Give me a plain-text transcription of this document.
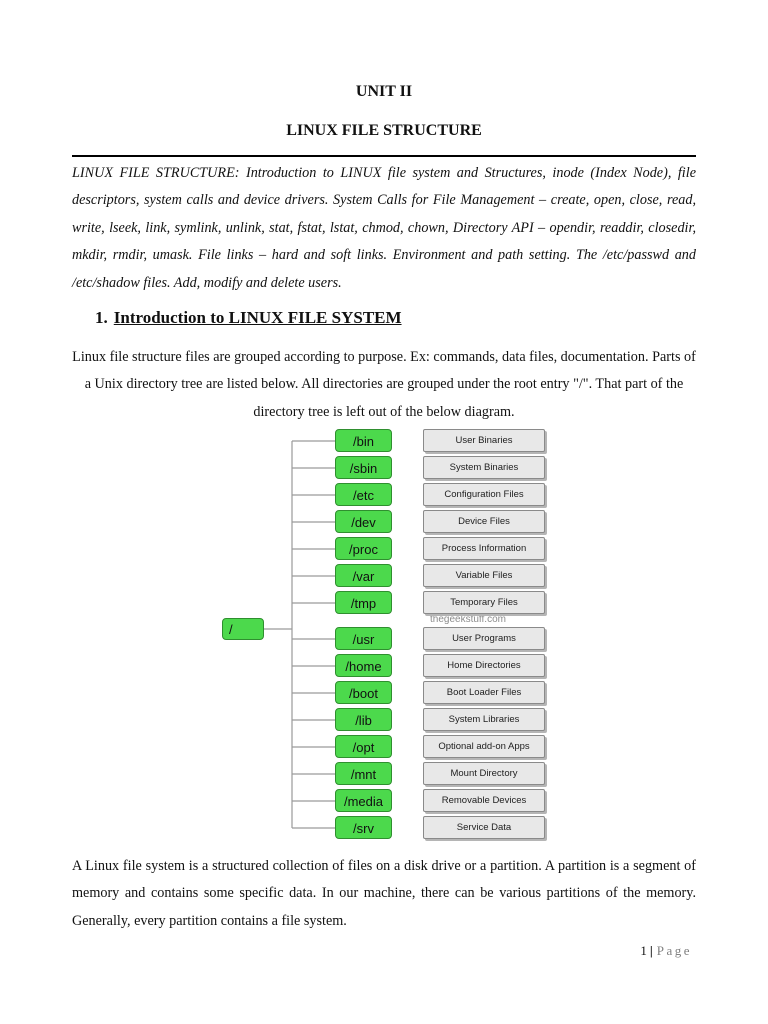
UNIT II
LINUX FILE STRUCTURE
LINUX FILE STRUCTURE: Introduction to LINUX file system and Structures, inode (Index Node), file descriptors, system calls and device drivers. System Calls for File Management – create, open, close, read, write, lseek, link, symlink, unlink, stat, fstat, lstat, chmod, chown, Directory API – opendir, readdir, closedir, mkdir, rmdir, umask. File links – hard and soft links. Environment and path setting. The /etc/passwd and /etc/shadow files. Add, modify and delete users.
1. Introduction to LINUX FILE SYSTEM
Linux file structure files are grouped according to purpose. Ex: commands, data files, documentation. Parts of a Unix directory tree are listed below. All directories are grouped under the root entry "/". That part of the directory tree is left out of the below diagram.
/
thegeekstuff.com
/bin	User Binaries
/sbin	System Binaries
/etc	Configuration Files
/dev	Device Files
/proc	Process Information
/var	Variable Files
/tmp	Temporary Files
/usr	User Programs
/home	Home Directories
/boot	Boot Loader Files
/lib	System Libraries
/opt	Optional add-on Apps
/mnt	Mount Directory
/media	Removable Devices
/srv	Service Data
A Linux file system is a structured collection of files on a disk drive or a partition. A partition is a segment of memory and contains some specific data. In our machine, there can be various partitions of the memory. Generally, every partition contains a file system.
1 | Page
